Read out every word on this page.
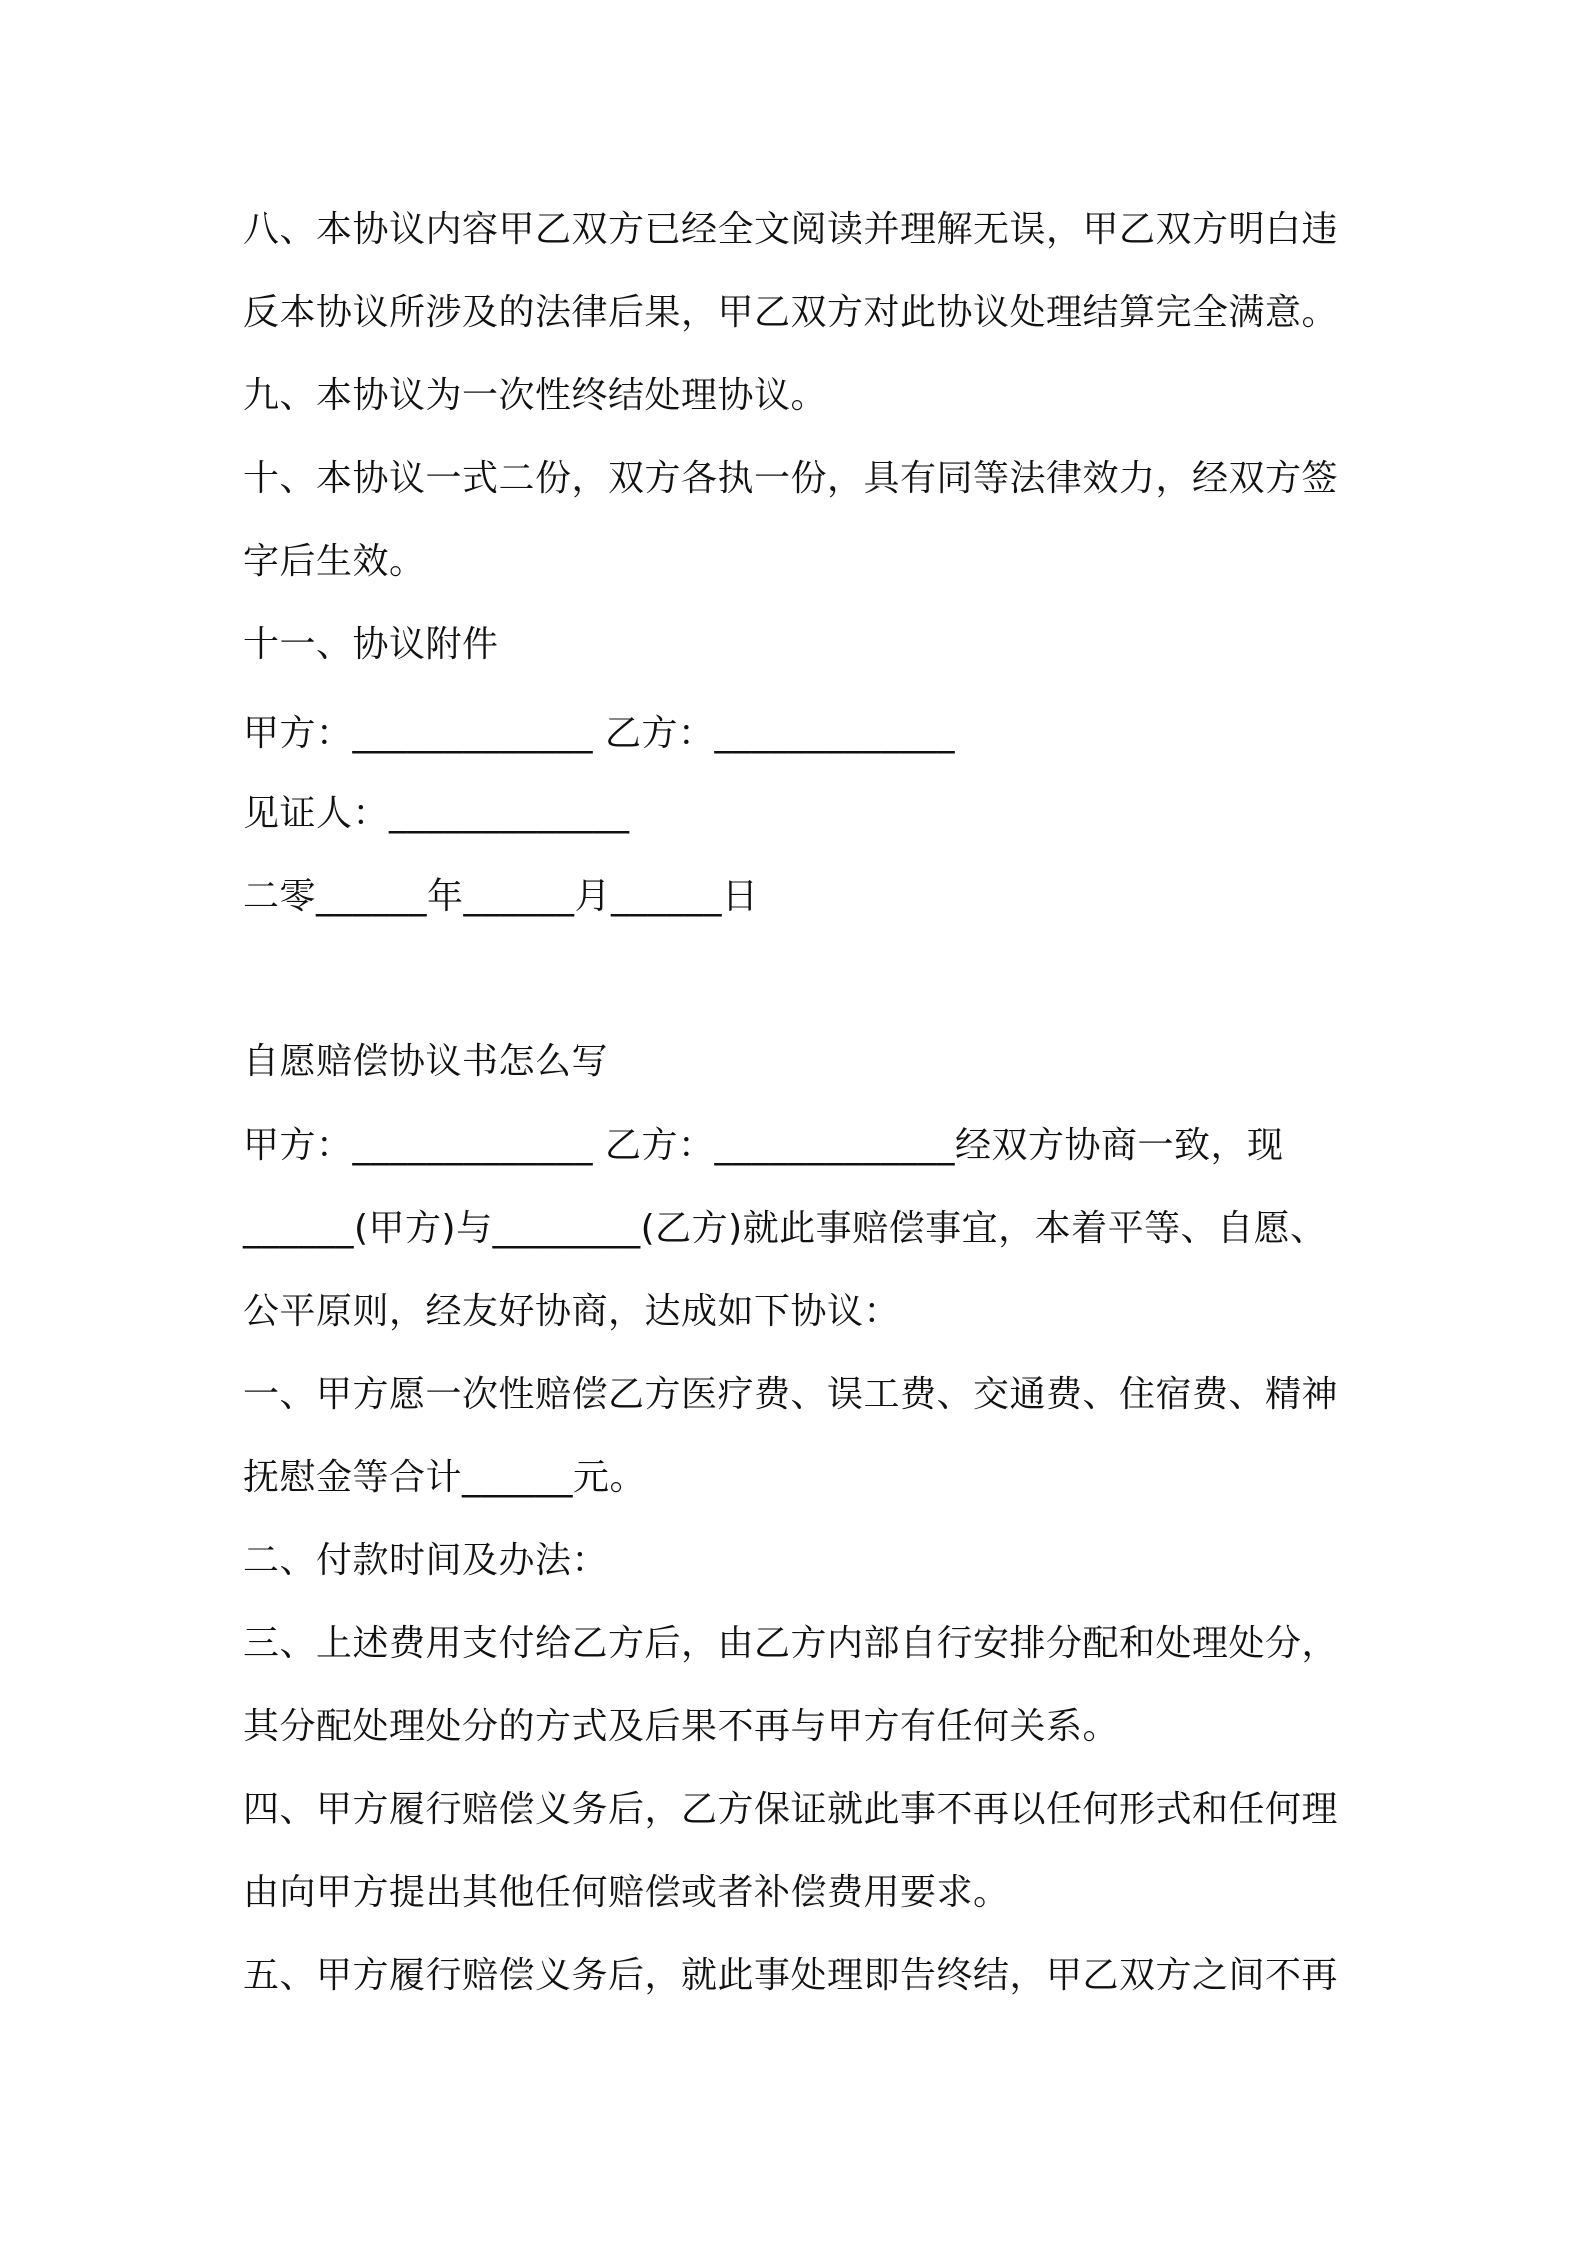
八、本协议内容甲乙双方已经全文阅读并理解无误，甲乙双方明白违
反本协议所涉及的法律后果，甲乙双方对此协议处理结算完全满意。
九、本协议为一次性终结处理协议。
十、本协议一式二份，双方各执一份，具有同等法律效力，经双方签
字后生效。
十一、协议附件
甲方：_____________ 乙方：_____________
见证人：_____________
二零______年______月______日
自愿赔偿协议书怎么写
甲方：_____________ 乙方：_____________经双方协商一致，现
______(甲方)与________(乙方)就此事赔偿事宜，本着平等、自愿、
公平原则，经友好协商，达成如下协议：
一、甲方愿一次性赔偿乙方医疗费、误工费、交通费、住宿费、精神
抚慰金等合计______元。
二、付款时间及办法：
三、上述费用支付给乙方后，由乙方内部自行安排分配和处理处分，
其分配处理处分的方式及后果不再与甲方有任何关系。
四、甲方履行赔偿义务后，乙方保证就此事不再以任何形式和任何理
由向甲方提出其他任何赔偿或者补偿费用要求。
五、甲方履行赔偿义务后，就此事处理即告终结，甲乙双方之间不再
